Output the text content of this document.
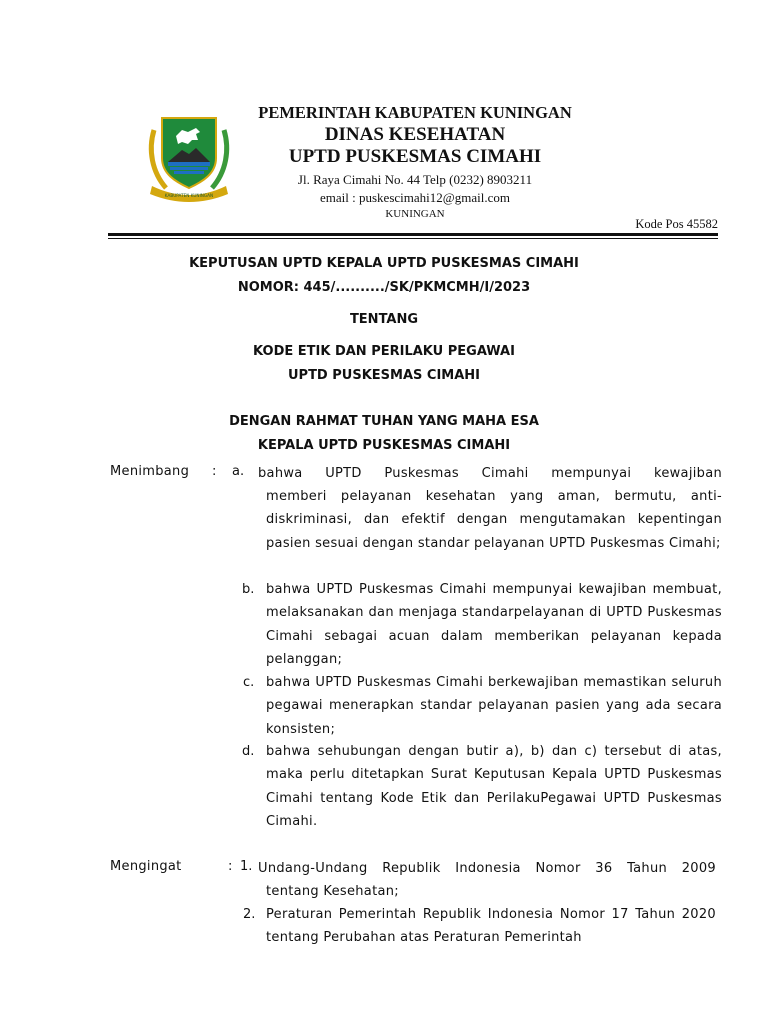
KABUPATEN KUNINGAN
PEMERINTAH KABUPATEN KUNINGAN
DINAS KESEHATAN
UPTD PUSKESMAS CIMAHI
Jl. Raya Cimahi No. 44 Telp (0232) 8903211
email : puskescimahi12@gmail.com
KUNINGAN
Kode Pos 45582
KEPUTUSAN UPTD KEPALA UPTD PUSKESMAS CIMAHI
NOMOR: 445/........../SK/PKMCMH/I/2023
TENTANG
KODE ETIK DAN PERILAKU PEGAWAI
UPTD PUSKESMAS CIMAHI
DENGAN RAHMAT TUHAN YANG MAHA ESA
KEPALA UPTD PUSKESMAS CIMAHI
Menimbang : a. bahwa UPTD Puskesmas Cimahi mempunyai kewajiban
memberi pelayanan kesehatan yang aman, bermutu, anti-diskriminasi, dan efektif dengan mengutamakan kepentingan pasien sesuai dengan standar pelayanan UPTD Puskesmas Cimahi;
b. bahwa UPTD Puskesmas Cimahi mempunyai kewajiban membuat, melaksanakan dan menjaga standarpelayanan di UPTD Puskesmas Cimahi sebagai acuan dalam memberikan pelayanan kepada pelanggan;
c. bahwa UPTD Puskesmas Cimahi berkewajiban memastikan seluruh pegawai menerapkan standar pelayanan pasien yang ada secara konsisten;
d. bahwa sehubungan dengan butir a), b) dan c) tersebut di atas, maka perlu ditetapkan Surat Keputusan Kepala UPTD Puskesmas Cimahi tentang Kode Etik dan PerilakuPegawai UPTD Puskesmas Cimahi.
Mengingat	: 1. Undang-Undang Republik Indonesia Nomor 36 Tahun 2009
tentang Kesehatan;
2. Peraturan Pemerintah Republik Indonesia Nomor 17 Tahun 2020 tentang Perubahan atas Peraturan Pemerintah
